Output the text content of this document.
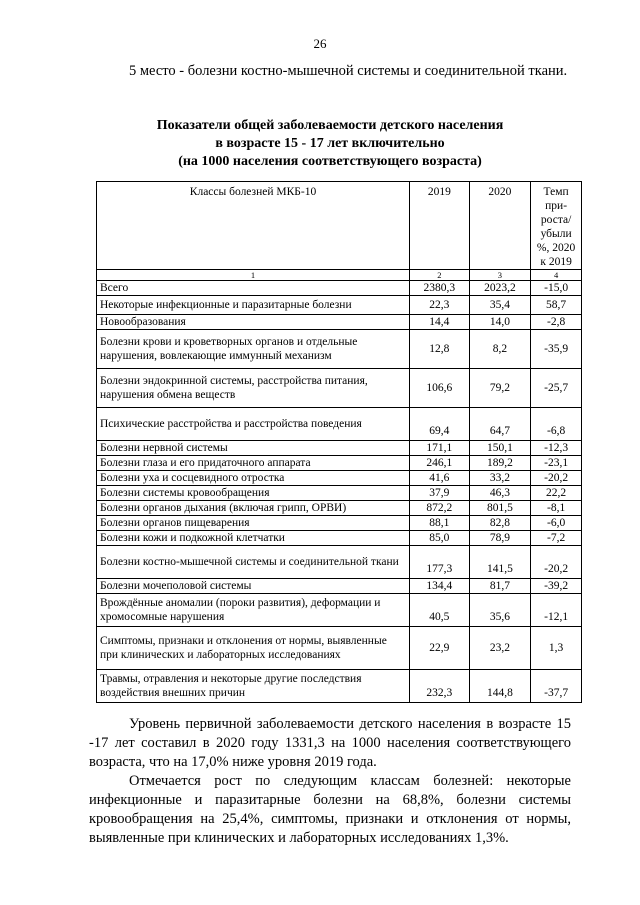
26
5 место - болезни костно-мышечной системы и соединительной ткани.
Показатели общей заболеваемости детского населения
в возрасте 15 - 17 лет включительно
(на 1000 населения соответствующего возраста)
Классы болезней МКБ-10	2019	2020	Темп при-роста/ убыли %, 2020 к 2019
1	2	3	4
Всего	2380,3	2023,2	-15,0
Некоторые инфекционные и паразитарные болезни	22,3	35,4	58,7
Новообразования	14,4	14,0	-2,8
Болезни крови и кроветворных органов и отдельные нарушения, вовлекающие иммунный механизм	12,8	8,2	-35,9
Болезни эндокринной системы, расстройства питания, нарушения обмена веществ	106,6	79,2	-25,7
Психические расстройства и расстройства поведения	69,4	64,7	-6,8
Болезни нервной системы	171,1	150,1	-12,3
Болезни глаза и его придаточного аппарата	246,1	189,2	-23,1
Болезни уха и сосцевидного отростка	41,6	33,2	-20,2
Болезни системы кровообращения	37,9	46,3	22,2
Болезни органов дыхания (включая грипп, ОРВИ)	872,2	801,5	-8,1
Болезни органов пищеварения	88,1	82,8	-6,0
Болезни кожи и подкожной клетчатки	85,0	78,9	-7,2
Болезни костно-мышечной системы и соединительной ткани	177,3	141,5	-20,2
Болезни мочеполовой системы	134,4	81,7	-39,2
Врождённые аномалии (пороки развития), деформации и хромосомные нарушения	40,5	35,6	-12,1
Симптомы, признаки и отклонения от нормы, выявленные при клинических и лабораторных исследованиях	22,9	23,2	1,3
Травмы, отравления и некоторые другие последствия воздействия внешних причин	232,3	144,8	-37,7
Уровень первичной заболеваемости детского населения в возрасте 15 -17 лет составил в 2020 году 1331,3 на 1000 населения соответствующего возраста, что на 17,0% ниже уровня 2019 года.
Отмечается рост по следующим классам болезней: некоторые инфекционные и паразитарные болезни на 68,8%, болезни системы кровообращения на 25,4%, симптомы, признаки и отклонения от нормы, выявленные при клинических и лабораторных исследованиях 1,3%.
